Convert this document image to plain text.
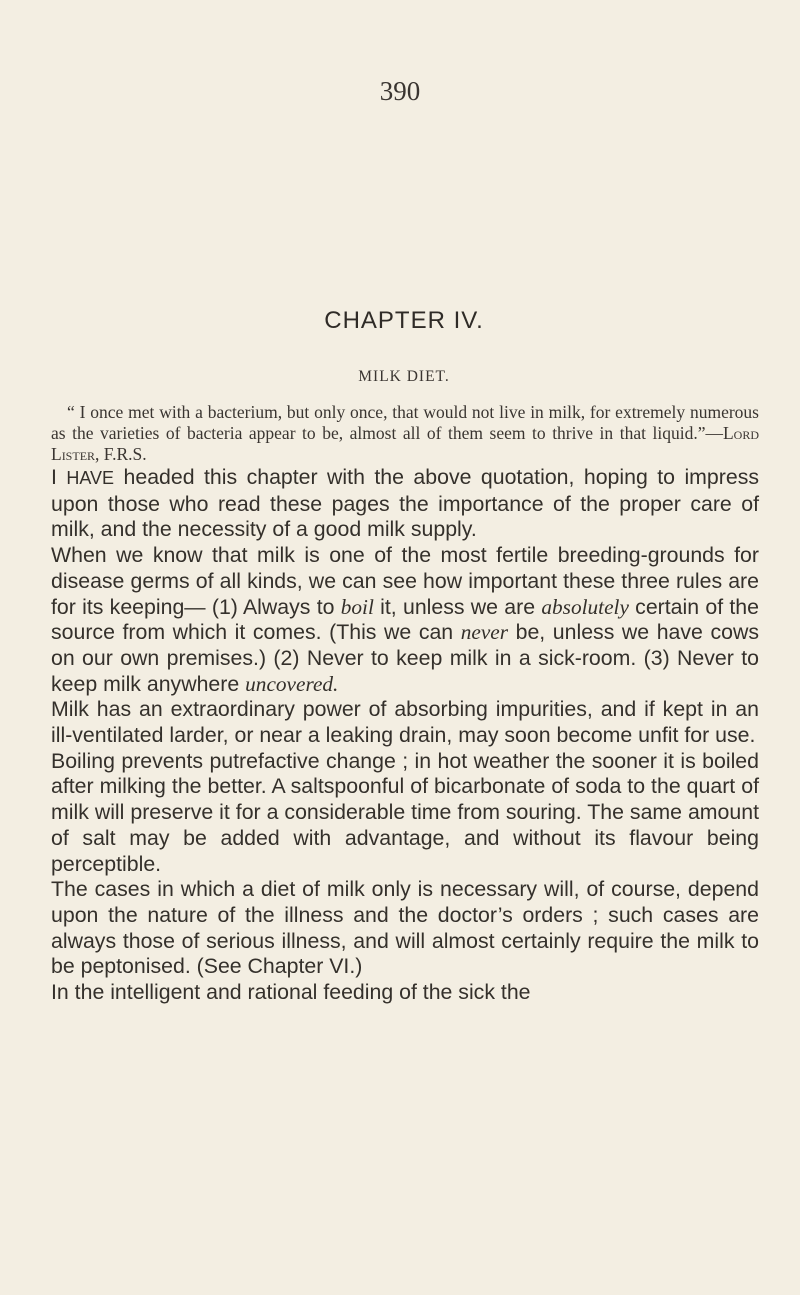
390
CHAPTER IV.
MILK DIET.
“ I once met with a bacterium, but only once, that would not live in milk, for extremely numerous as the varieties of bacteria appear to be, almost all of them seem to thrive in that liquid.”—Lord Lister, F.R.S.

I HAVE headed this chapter with the above quotation, hoping to impress upon those who read these pages the importance of the proper care of milk, and the necessity of a good milk supply.

When we know that milk is one of the most fertile breeding-grounds for disease germs of all kinds, we can see how important these three rules are for its keeping— (1) Always to boil it, unless we are absolutely certain of the source from which it comes. (This we can never be, unless we have cows on our own premises.) (2) Never to keep milk in a sick-room. (3) Never to keep milk anywhere uncovered.

Milk has an extraordinary power of absorbing impurities, and if kept in an ill-ventilated larder, or near a leaking drain, may soon become unfit for use.

Boiling prevents putrefactive change ; in hot weather the sooner it is boiled after milking the better. A saltspoonful of bicarbonate of soda to the quart of milk will preserve it for a considerable time from souring. The same amount of salt may be added with advantage, and without its flavour being perceptible.

The cases in which a diet of milk only is necessary will, of course, depend upon the nature of the illness and the doctor’s orders ; such cases are always those of serious illness, and will almost certainly require the milk to be peptonised. (See Chapter VI.)

In the intelligent and rational feeding of the sick the
